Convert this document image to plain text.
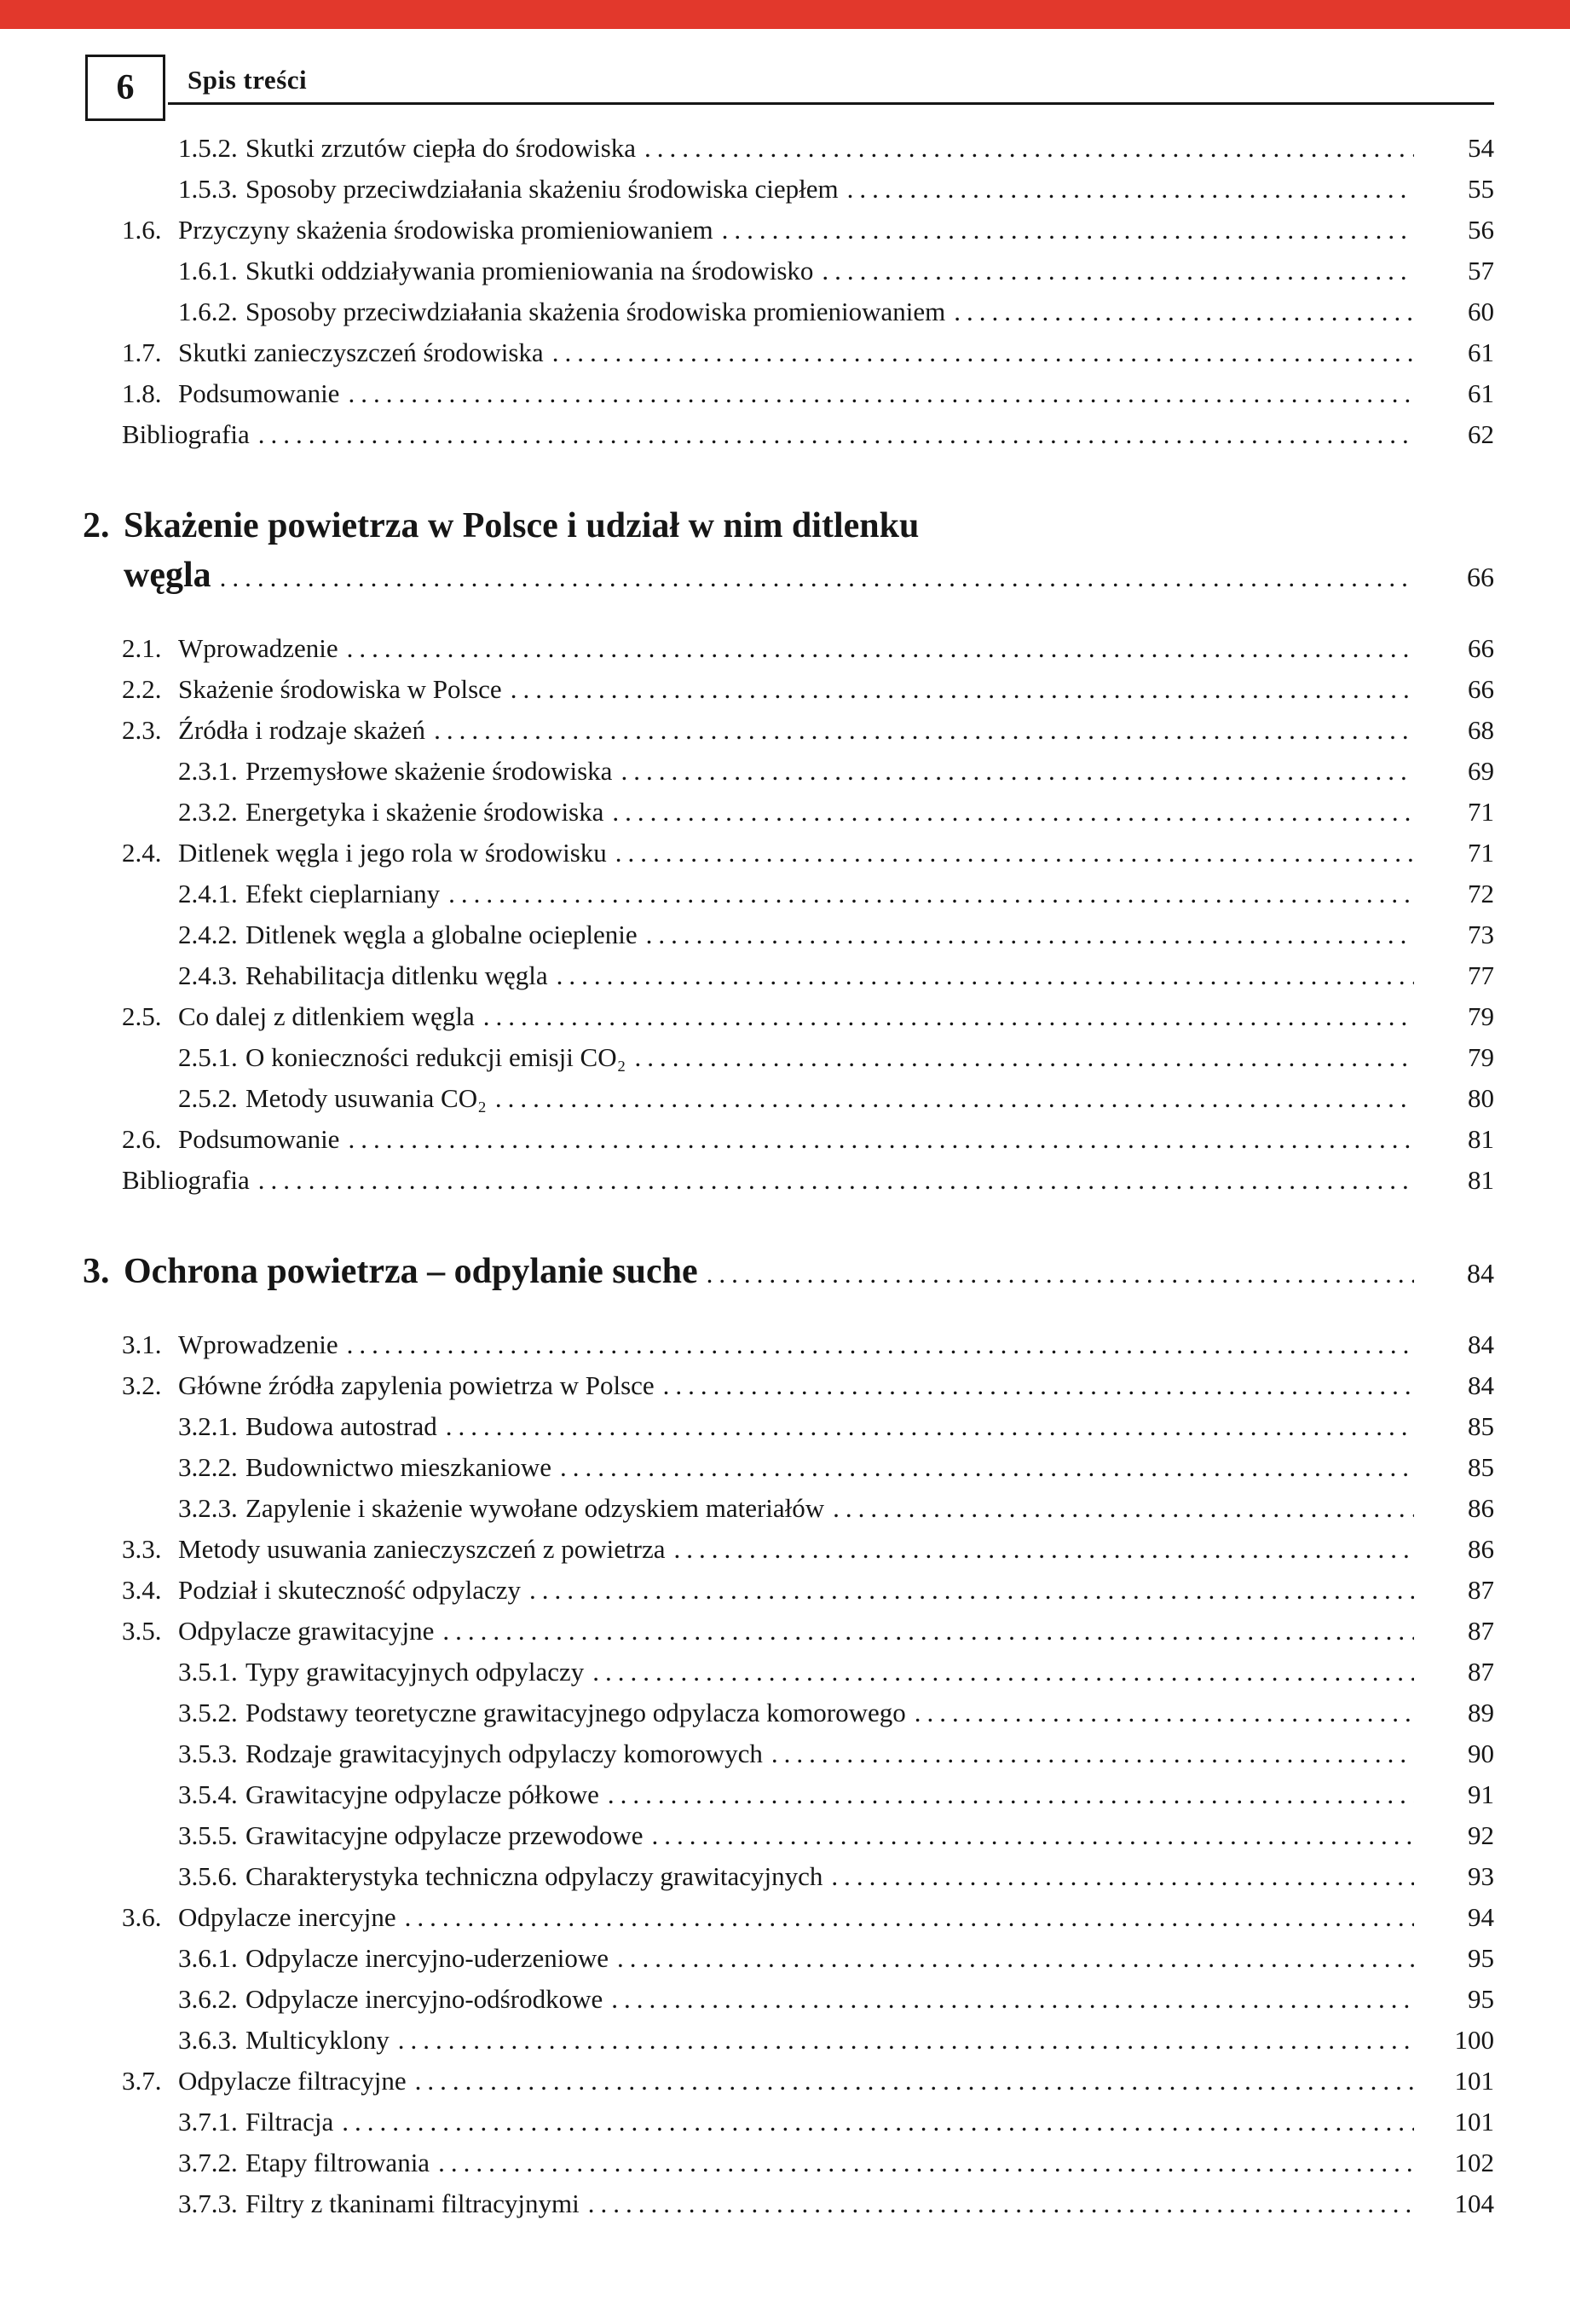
6 Spis treści
1.5.2. Skutki zrzutów ciepła do środowiska .....	54
1.5.3. Sposoby przeciwdziałania skażeniu środowiska ciepłem .....	55
1.6. Przyczyny skażenia środowiska promieniowaniem .....	56
1.6.1. Skutki oddziaływania promieniowania na środowisko .....	57
1.6.2. Sposoby przeciwdziałania skażenia środowiska promieniowaniem .....	60
1.7. Skutki zanieczyszczeń środowiska .....	61
1.8. Podsumowanie .....	61
Bibliografia .....	62
2. Skażenie powietrza w Polsce i udział w nim ditlenku
węgla .....	66
2.1. Wprowadzenie .....	66
2.2. Skażenie środowiska w Polsce .....	66
2.3. Źródła i rodzaje skażeń .....	68
2.3.1. Przemysłowe skażenie środowiska .....	69
2.3.2. Energetyka i skażenie środowiska .....	71
2.4. Ditlenek węgla i jego rola w środowisku .....	71
2.4.1. Efekt cieplarniany .....	72
2.4.2. Ditlenek węgla a globalne ocieplenie .....	73
2.4.3. Rehabilitacja ditlenku węgla .....	77
2.5. Co dalej z ditlenkiem węgla .....	79
2.5.1. O konieczności redukcji emisji CO₂ .....	79
2.5.2. Metody usuwania CO₂ .....	80
2.6. Podsumowanie .....	81
Bibliografia .....	81
3. Ochrona powietrza – odpylanie suche .....	84
3.1. Wprowadzenie .....	84
3.2. Główne źródła zapylenia powietrza w Polsce .....	84
3.2.1. Budowa autostrad .....	85
3.2.2. Budownictwo mieszkaniowe .....	85
3.2.3. Zapylenie i skażenie wywołane odzyskiem materiałów .....	86
3.3. Metody usuwania zanieczyszczeń z powietrza .....	86
3.4. Podział i skuteczność odpylaczy .....	87
3.5. Odpylacze grawitacyjne .....	87
3.5.1. Typy grawitacyjnych odpylaczy .....	87
3.5.2. Podstawy teoretyczne grawitacyjnego odpylacza komorowego .....	89
3.5.3. Rodzaje grawitacyjnych odpylaczy komorowych .....	90
3.5.4. Grawitacyjne odpylacze półkowe .....	91
3.5.5. Grawitacyjne odpylacze przewodowe .....	92
3.5.6. Charakterystyka techniczna odpylaczy grawitacyjnych .....	93
3.6. Odpylacze inercyjne .....	94
3.6.1. Odpylacze inercyjno-uderzeniowe .....	95
3.6.2. Odpylacze inercyjno-odśrodkowe .....	95
3.6.3. Multicyklony .....	100
3.7. Odpylacze filtracyjne .....	101
3.7.1. Filtracja .....	101
3.7.2. Etapy filtrowania .....	102
3.7.3. Filtry z tkaninami filtracyjnymi .....	104
